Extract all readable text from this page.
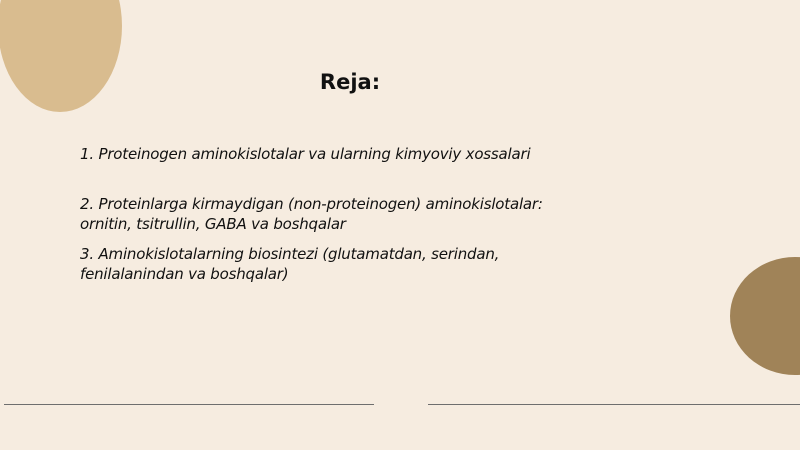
Reja:
1. Proteinogen aminokislotalar va ularning kimyoviy xossalari
2. Proteinlarga kirmaydigan (non-proteinogen) aminokislotalar:
ornitin, tsitrullin, GABA va boshqalar
3. Aminokislotalarning biosintezi (glutamatdan, serindan,
fenilalanindan va boshqalar)
